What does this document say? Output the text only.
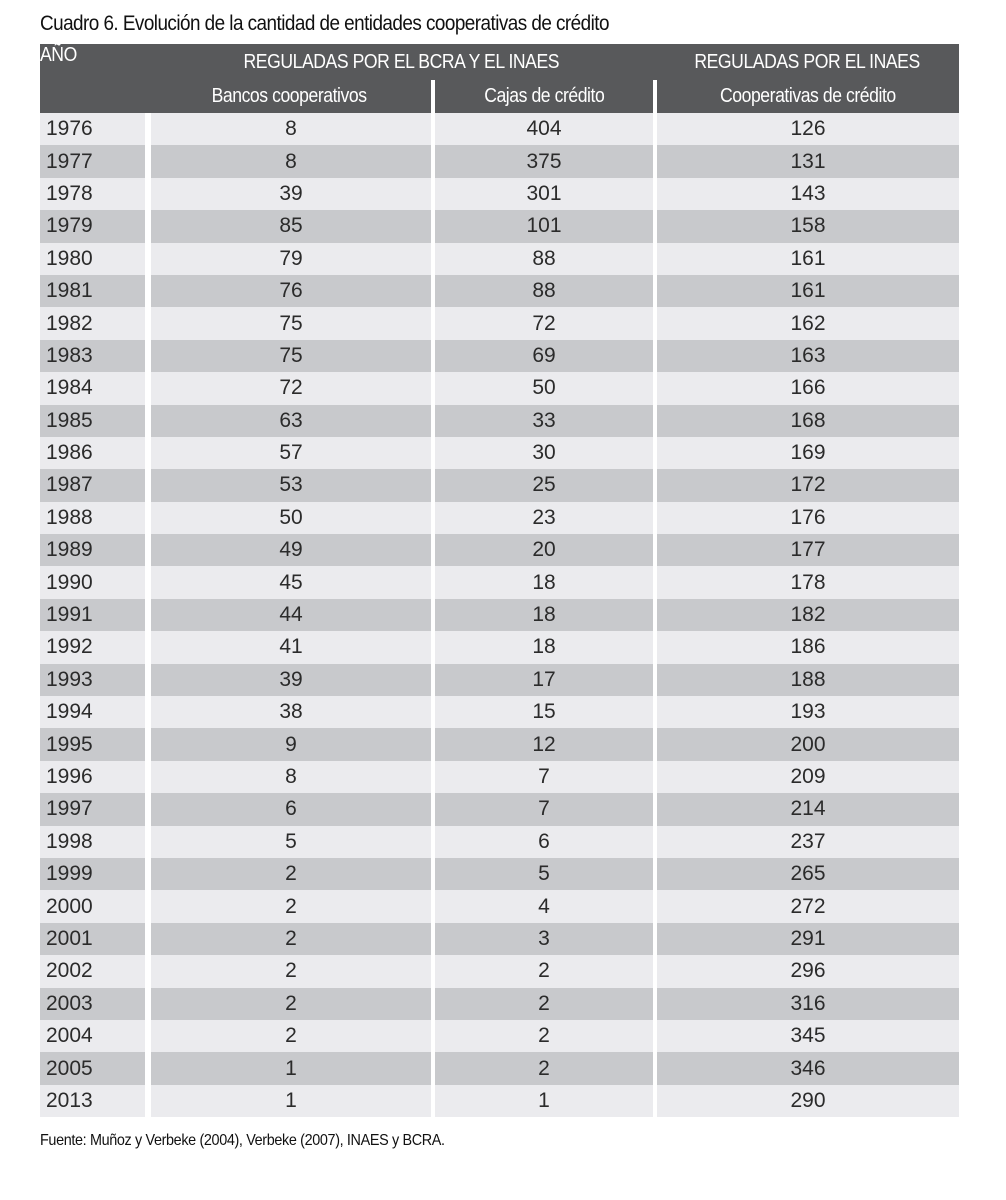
Cuadro 6. Evolución de la cantidad de entidades cooperativas de crédito
AÑO	REGULADAS POR EL BCRA Y EL INAES		REGULADAS POR EL INAES
	Bancos cooperativos	Cajas de crédito	Cooperativas de crédito
1976	8	404	126
1977	8	375	131
1978	39	301	143
1979	85	101	158
1980	79	88	161
1981	76	88	161
1982	75	72	162
1983	75	69	163
1984	72	50	166
1985	63	33	168
1986	57	30	169
1987	53	25	172
1988	50	23	176
1989	49	20	177
1990	45	18	178
1991	44	18	182
1992	41	18	186
1993	39	17	188
1994	38	15	193
1995	9	12	200
1996	8	7	209
1997	6	7	214
1998	5	6	237
1999	2	5	265
2000	2	4	272
2001	2	3	291
2002	2	2	296
2003	2	2	316
2004	2	2	345
2005	1	2	346
2013	1	1	290
Fuente: Muñoz y Verbeke (2004), Verbeke (2007), INAES y BCRA.
